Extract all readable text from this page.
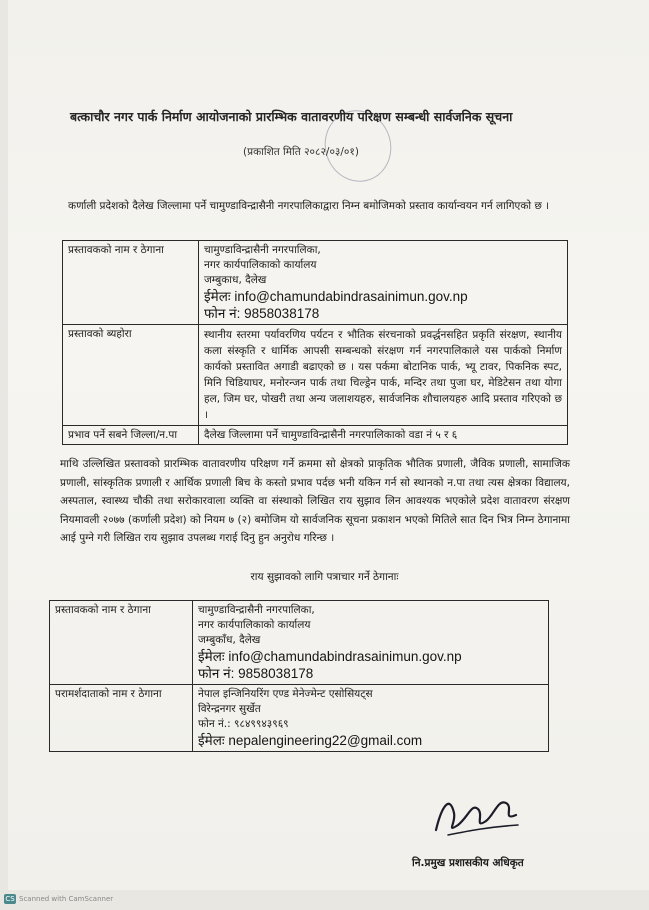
बत्काचौर नगर पार्क निर्माण आयोजनाको प्रारम्भिक वातावरणीय परिक्षण सम्बन्धी सार्वजनिक सूचना
(प्रकाशित मिति २०८२/०३/०१)
कर्णाली प्रदेशको दैलेख जिल्लामा पर्ने चामुण्डाविन्द्रासैनी नगरपालिकाद्वारा निम्न बमोजिमको प्रस्ताव कार्यान्वयन गर्न लागिएको छ ।
प्रस्तावकको नाम र ठेगाना	चामुण्डाविन्द्रासैनी नगरपालिका,
नगर कार्यपालिकाको कार्यालय
जम्बुकाध, दैलेख
ईमेलः info@chamundabindrasainimun.gov.np
फोन नं: 9858038178

प्रस्तावको ब्यहोरा	स्थानीय स्तरमा पर्यावरणिय पर्यटन र भौतिक संरचनाको प्रवर्द्धनसहित प्रकृति संरक्षण, स्थानीय कला संस्कृति र धार्मिक आपसी सम्बन्धको संरक्षण गर्न नगरपालिकाले यस पार्कको निर्माण कार्यको प्रस्तावित अगाडी बढाएको छ । यस पर्कमा बोटानिक पार्क, भ्यू टावर, पिकनिक स्पट, मिनि चिडियाघर, मनोरन्जन पार्क तथा चिल्ड्रेन पार्क, मन्दिर तथा पुजा घर, मेडिटेसन तथा योगा हल, जिम घर, पोखरी तथा अन्य जलाशयहरु, सार्वजनिक शौचालयहरु आदि प्रस्ताव गरिएको छ ।
प्रभाव पर्ने सबने जिल्ला/न.पा	दैलेख जिल्लामा पर्ने चामुण्डाविन्द्रासैनी नगरपालिकाको वडा नं ५ र ६
माथि उल्लिखित प्रस्तावको प्रारम्भिक वातावरणीय परिक्षण गर्ने क्रममा सो क्षेत्रको प्राकृतिक भौतिक प्रणाली, जैविक प्रणाली, सामाजिक प्रणाली, सांस्कृतिक प्रणाली र आर्थिक प्रणाली बिच के कस्तो प्रभाव पर्दछ भनी यकिन गर्न सो स्थानको न.पा तथा त्यस क्षेत्रका विद्यालय, अस्पताल, स्वास्थ्य चौकी तथा सरोकारवाला व्यक्ति वा संस्थाको लिखित राय सुझाव लिन आवश्यक भएकोले प्रदेश वातावरण संरक्षण नियमावली २०७७ (कर्णाली प्रदेश) को नियम ७ (२) बमोजिम यो सार्वजनिक सूचना प्रकाशन भएको मितिले सात दिन भित्र निम्न ठेगानामा आई पुग्ने गरी लिखित राय सुझाव उपलब्ध गराई दिनु हुन अनुरोध गरिन्छ ।
राय सुझावको लागि पत्राचार गर्ने ठेगानाः
प्रस्तावकको नाम र ठेगाना	चामुण्डाविन्द्रासैनी नगरपालिका,
नगर कार्यपालिकाको कार्यालय
जम्बुकाँध, दैलेख
ईमेलः info@chamundabindrasainimun.gov.np
फोन नं: 9858038178

परामर्शदाताको नाम र ठेगाना	नेपाल इन्जिनियरिंग एण्ड मेनेज्मेन्ट एसोसियट्स
विरेन्द्रनगर सुर्खेत
फोन नं.: ९८४९९४३९६९
ईमेलः nepalengineering22@gmail.com
नि.प्रमुख प्रशासकीय अधिकृत
CS Scanned with CamScanner
